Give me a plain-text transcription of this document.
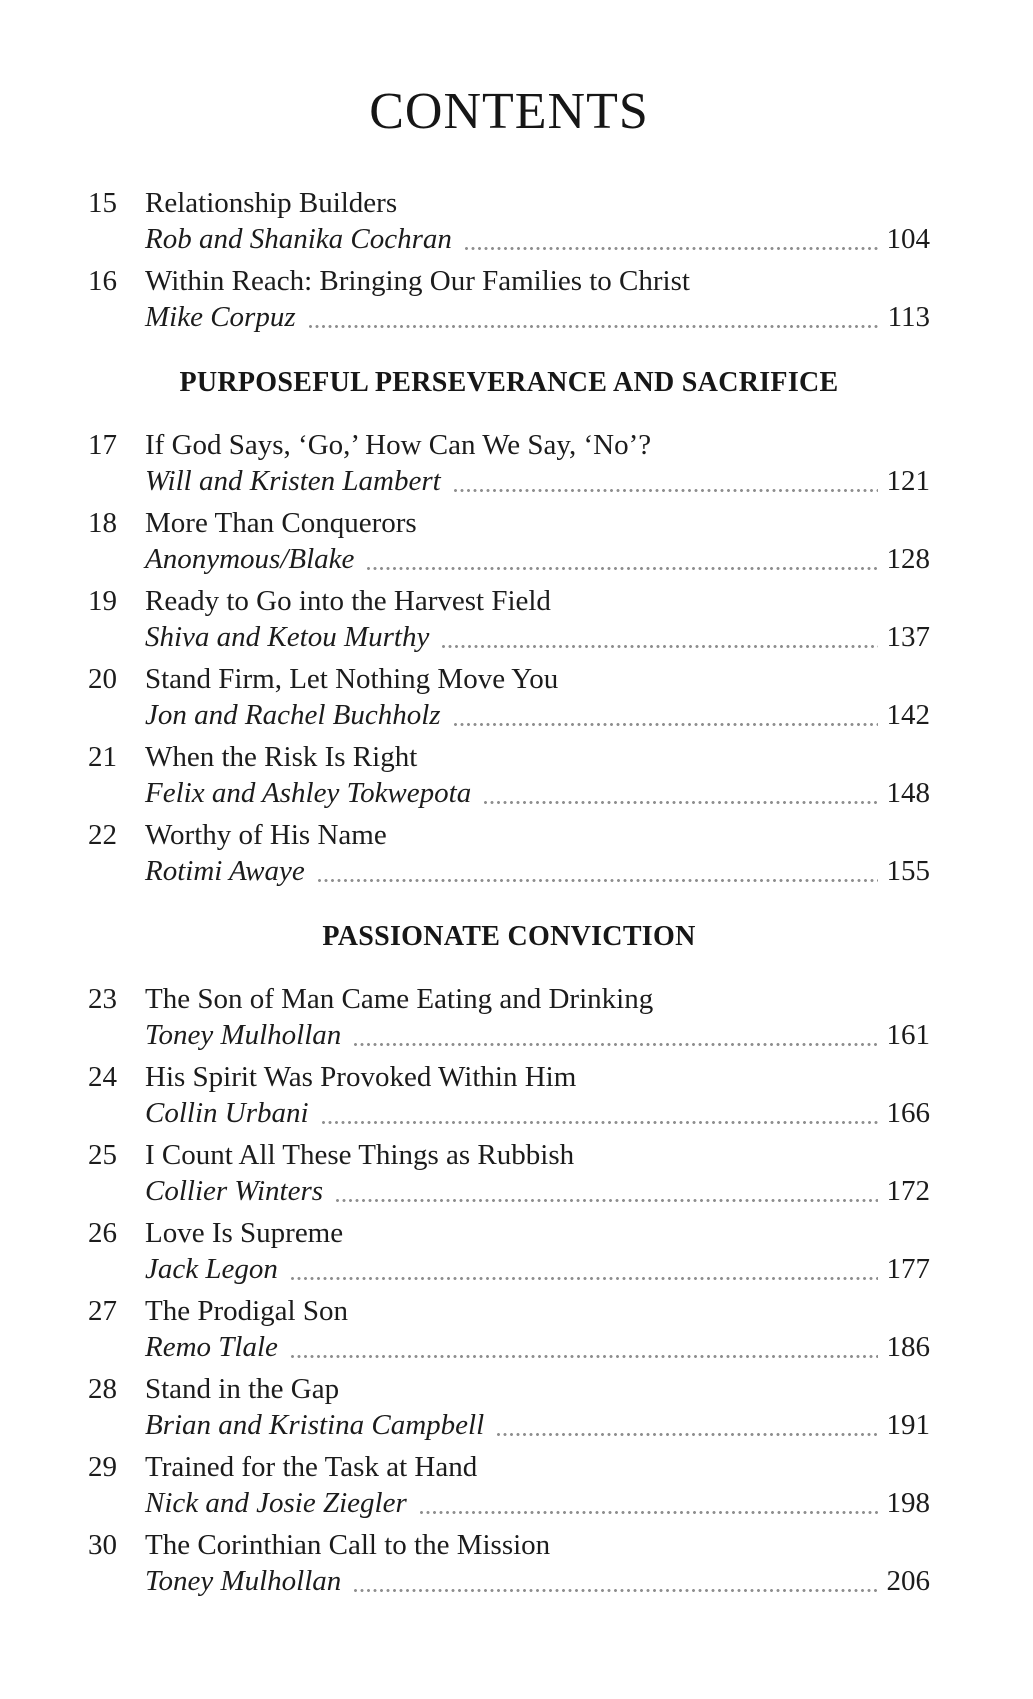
CONTENTS
15 Relationship Builders
Rob and Shanika Cochran	104
16 Within Reach: Bringing Our Families to Christ
Mike Corpuz	113
PURPOSEFUL PERSEVERANCE AND SACRIFICE
17 If God Says, ‘Go,’ How Can We Say, ‘No’?
Will and Kristen Lambert	121
18 More Than Conquerors
Anonymous/Blake	128
19 Ready to Go into the Harvest Field
Shiva and Ketou Murthy	137
20 Stand Firm, Let Nothing Move You
Jon and Rachel Buchholz	142
21 When the Risk Is Right
Felix and Ashley Tokwepota	148
22 Worthy of His Name
Rotimi Awaye	155
PASSIONATE CONVICTION
23 The Son of Man Came Eating and Drinking
Toney Mulhollan	161
24 His Spirit Was Provoked Within Him
Collin Urbani	166
25 I Count All These Things as Rubbish
Collier Winters	172
26 Love Is Supreme
Jack Legon	177
27 The Prodigal Son
Remo Tlale	186
28 Stand in the Gap
Brian and Kristina Campbell	191
29 Trained for the Task at Hand
Nick and Josie Ziegler	198
30 The Corinthian Call to the Mission
Toney Mulhollan	206
